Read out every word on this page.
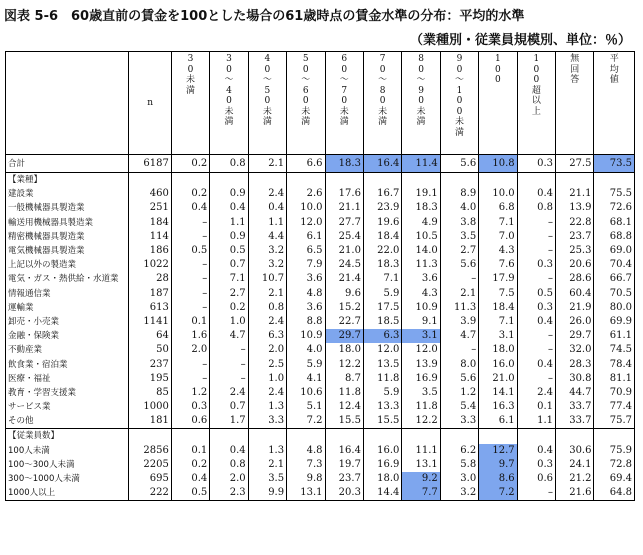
図表 5-6　60歳直前の賃金を100とした場合の61歳時点の賃金水準の分布：平均的水準
（業種別・従業員規模別、単位：％）
	n	30未満	30～40未満	40～50未満	50～60未満	60～70未満	70～80未満	80～90未満	90～100未満	100	100超以上	無回答	平均値
合計	6187	0.2	0.8	2.1	6.6	18.3	16.4	11.4	5.6	10.8	0.3	27.5	73.5
【業種】													
建設業	460	0.2	0.9	2.4	2.6	17.6	16.7	19.1	8.9	10.0	0.4	21.1	75.5
一般機械器具製造業	251	0.4	0.4	0.4	10.0	21.1	23.9	18.3	4.0	6.8	0.8	13.9	72.6
輸送用機械器具製造業	184	–	1.1	1.1	12.0	27.7	19.6	4.9	3.8	7.1	–	22.8	68.1
精密機械器具製造業	114	–	0.9	4.4	6.1	25.4	18.4	10.5	3.5	7.0	–	23.7	68.8
電気機械器具製造業	186	0.5	0.5	3.2	6.5	21.0	22.0	14.0	2.7	4.3	–	25.3	69.0
上記以外の製造業	1022	–	0.7	3.2	7.9	24.5	18.3	11.3	5.6	7.6	0.3	20.6	70.4
電気・ガス・熱供給・水道業	28	–	7.1	10.7	3.6	21.4	7.1	3.6	–	17.9	–	28.6	66.7
情報通信業	187	–	2.7	2.1	4.8	9.6	5.9	4.3	2.1	7.5	0.5	60.4	70.5
運輸業	613	–	0.2	0.8	3.6	15.2	17.5	10.9	11.3	18.4	0.3	21.9	80.0
卸売・小売業	1141	0.1	1.0	2.4	8.8	22.7	18.5	9.1	3.9	7.1	0.4	26.0	69.9
金融・保険業	64	1.6	4.7	6.3	10.9	29.7	6.3	3.1	4.7	3.1	–	29.7	61.1
不動産業	50	2.0	–	2.0	4.0	18.0	12.0	12.0	–	18.0	–	32.0	74.5
飲食業・宿泊業	237	–	–	2.5	5.9	12.2	13.5	13.9	8.0	16.0	0.4	28.3	78.4
医療・福祉	195	–	–	1.0	4.1	8.7	11.8	16.9	5.6	21.0	–	30.8	81.1
教育・学習支援業	85	1.2	2.4	2.4	10.6	11.8	5.9	3.5	1.2	14.1	2.4	44.7	70.9
サービス業	1000	0.3	0.7	1.3	5.1	12.4	13.3	11.8	5.4	16.3	0.1	33.7	77.4
その他	181	0.6	1.7	3.3	7.2	15.5	15.5	12.2	3.3	6.1	1.1	33.7	75.7
【従業員数】													
100人未満	2856	0.1	0.4	1.3	4.8	16.4	16.0	11.1	6.2	12.7	0.4	30.6	75.9
100～300人未満	2205	0.2	0.8	2.1	7.3	19.7	16.9	13.1	5.8	9.7	0.3	24.1	72.8
300～1000人未満	695	0.4	2.0	3.5	9.8	23.7	18.0	9.2	3.0	8.6	0.6	21.2	69.4
1000人以上	222	0.5	2.3	9.9	13.1	20.3	14.4	7.7	3.2	7.2	–	21.6	64.8
